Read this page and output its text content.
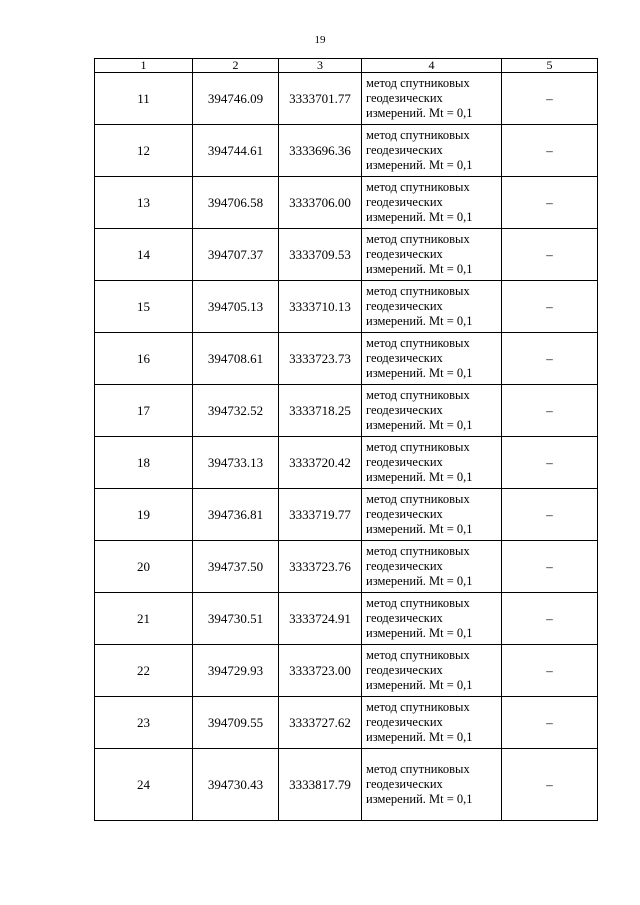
19
1	2	3	4	5
11	394746.09	3333701.77	метод спутниковых
геодезических
измерений. Mt = 0,1	–
12	394744.61	3333696.36	метод спутниковых
геодезических
измерений. Mt = 0,1	–
13	394706.58	3333706.00	метод спутниковых
геодезических
измерений. Mt = 0,1	–
14	394707.37	3333709.53	метод спутниковых
геодезических
измерений. Mt = 0,1	–
15	394705.13	3333710.13	метод спутниковых
геодезических
измерений. Mt = 0,1	–
16	394708.61	3333723.73	метод спутниковых
геодезических
измерений. Mt = 0,1	–
17	394732.52	3333718.25	метод спутниковых
геодезических
измерений. Mt = 0,1	–
18	394733.13	3333720.42	метод спутниковых
геодезических
измерений. Mt = 0,1	–
19	394736.81	3333719.77	метод спутниковых
геодезических
измерений. Mt = 0,1	–
20	394737.50	3333723.76	метод спутниковых
геодезических
измерений. Mt = 0,1	–
21	394730.51	3333724.91	метод спутниковых
геодезических
измерений. Mt = 0,1	–
22	394729.93	3333723.00	метод спутниковых
геодезических
измерений. Mt = 0,1	–
23	394709.55	3333727.62	метод спутниковых
геодезических
измерений. Mt = 0,1	–
24	394730.43	3333817.79	метод спутниковых
геодезических
измерений. Mt = 0,1	–
